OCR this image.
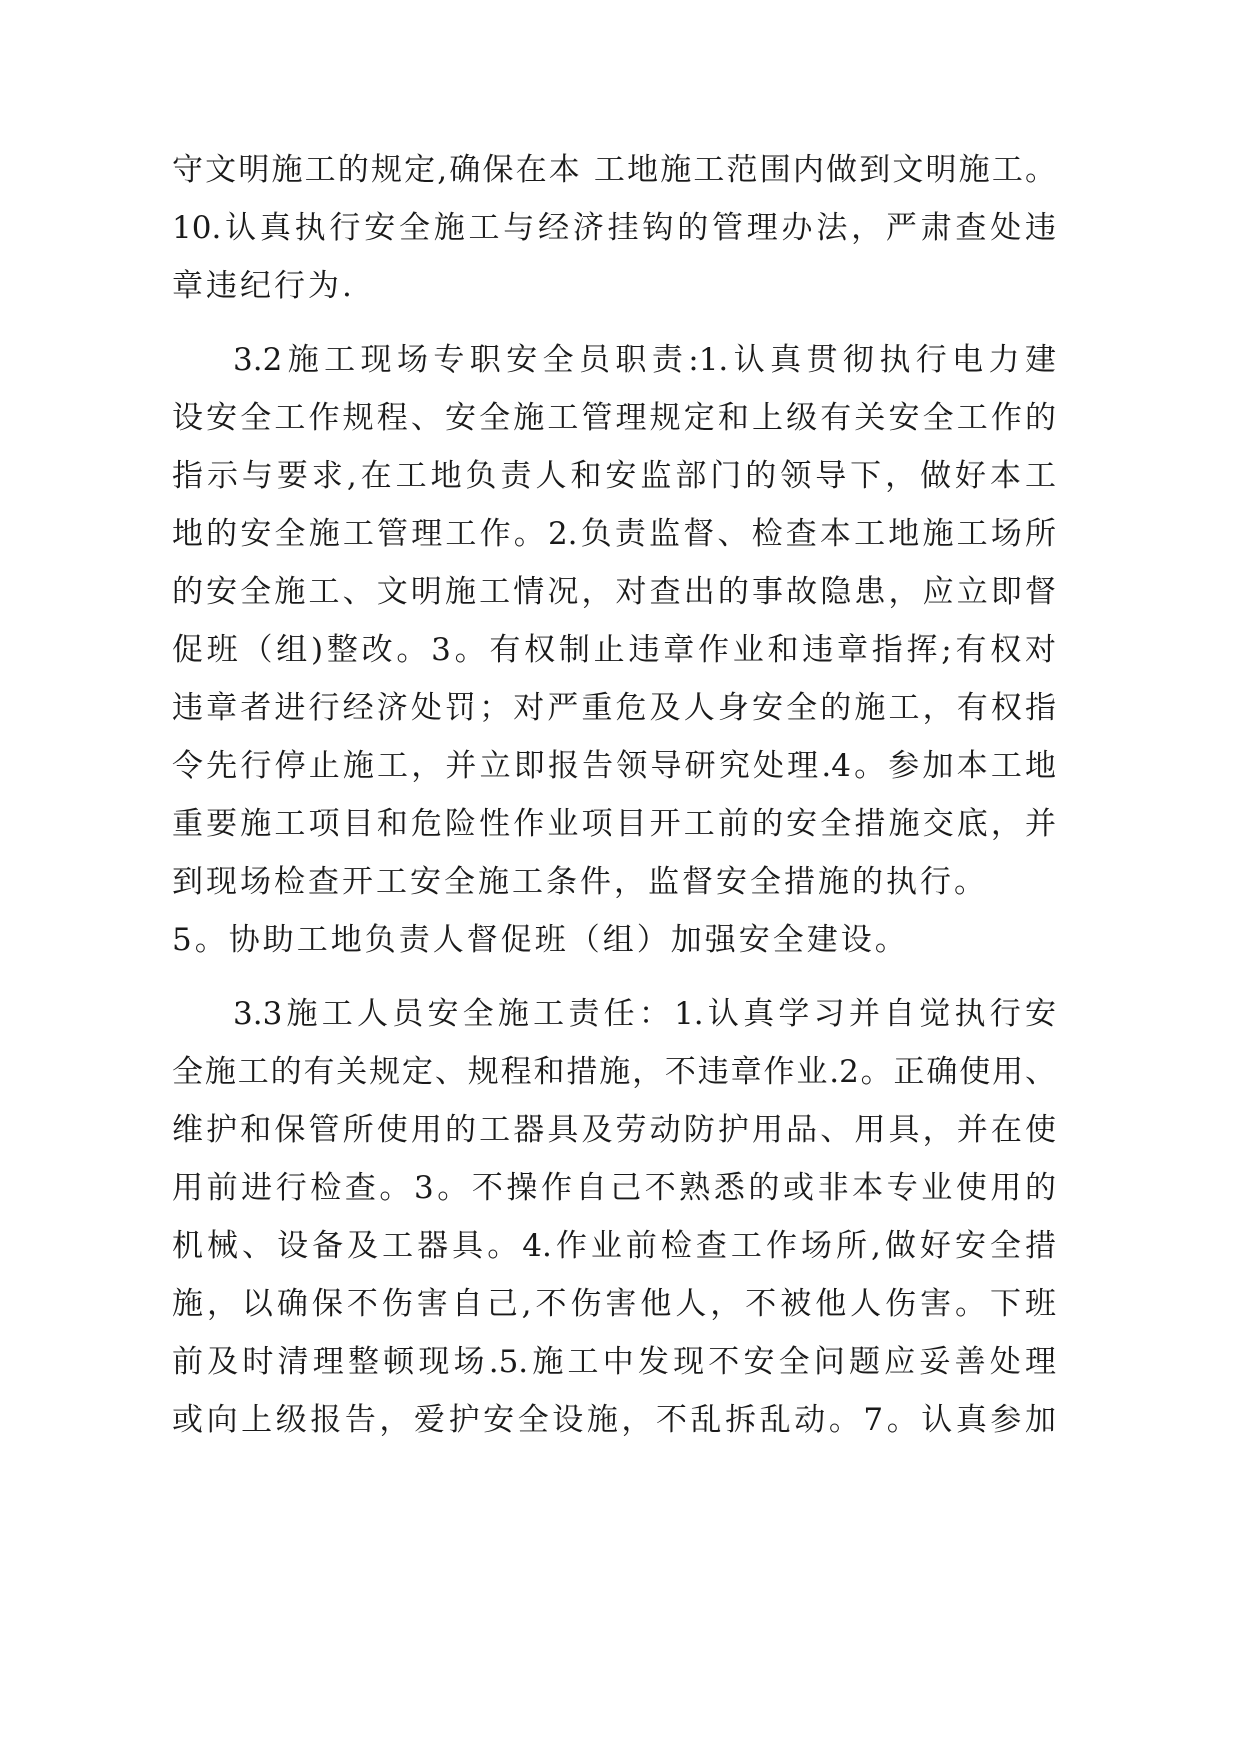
守文明施工的规定,确保在本 工地施工范围内做到文明施工。
10.认真执行安全施工与经济挂钩的管理办法，严肃查处违
章违纪行为.
3.2施工现场专职安全员职责:1.认真贯彻执行电力建
设安全工作规程、安全施工管理规定和上级有关安全工作的
指示与要求,在工地负责人和安监部门的领导下，做好本工
地的安全施工管理工作。2.负责监督、检查本工地施工场所
的安全施工、文明施工情况，对查出的事故隐患，应立即督
促班（组)整改。3。有权制止违章作业和违章指挥;有权对
违章者进行经济处罚；对严重危及人身安全的施工，有权指
令先行停止施工，并立即报告领导研究处理.4。参加本工地
重要施工项目和危险性作业项目开工前的安全措施交底，并
到现场检查开工安全施工条件，监督安全措施的执行。
5。协助工地负责人督促班（组）加强安全建设。
3.3施工人员安全施工责任：1.认真学习并自觉执行安
全施工的有关规定、规程和措施，不违章作业.2。正确使用、
维护和保管所使用的工器具及劳动防护用品、用具，并在使
用前进行检查。3。不操作自己不熟悉的或非本专业使用的
机械、设备及工器具。4.作业前检查工作场所,做好安全措
施，以确保不伤害自己,不伤害他人，不被他人伤害。下班
前及时清理整顿现场.5.施工中发现不安全问题应妥善处理
或向上级报告，爱护安全设施，不乱拆乱动。7。认真参加
